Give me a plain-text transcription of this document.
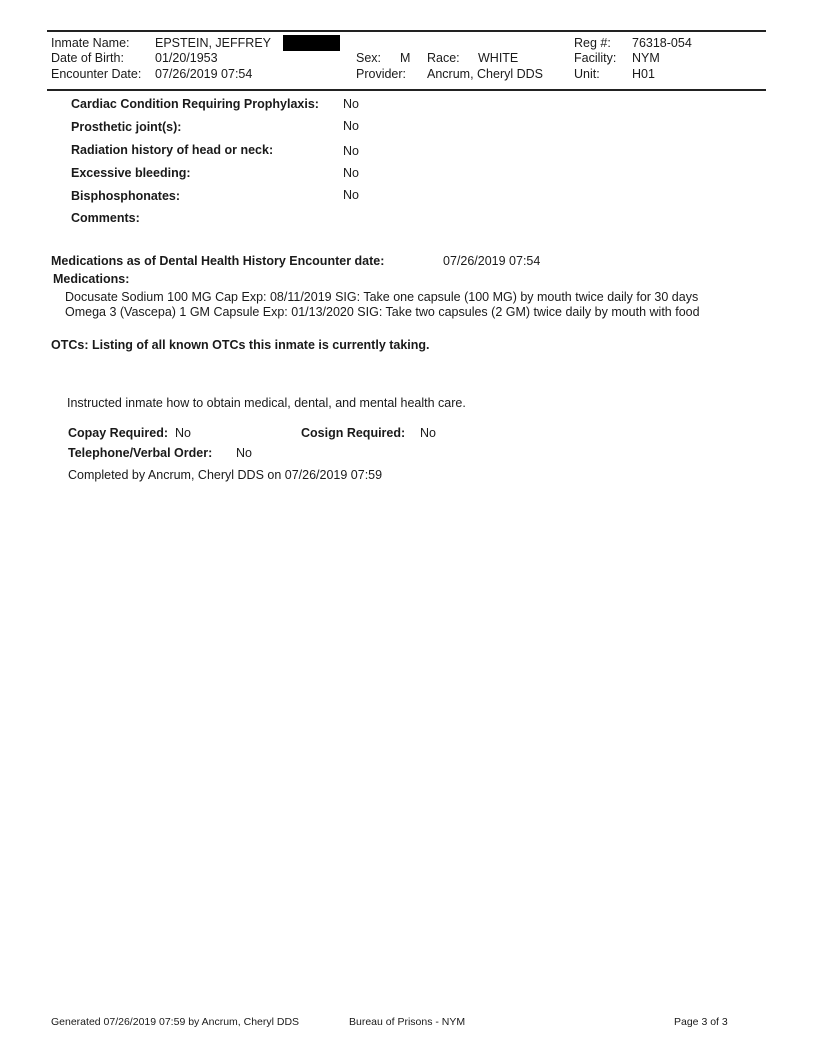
Inmate Name: EPSTEIN, JEFFREY
Date of Birth: 01/20/1953
Encounter Date: 07/26/2019 07:54
Sex: M Race: WHITE
Provider: Ancrum, Cheryl DDS
Reg #: 76318-054
Facility: NYM
Unit:	H01
Cardiac Condition Requiring Prophylaxis: No
Prosthetic joint(s):	No
Radiation history of head or neck:	No
Excessive bleeding:	No
Bisphosphonates:	No
Comments:
Medications as of Dental Health History Encounter date:	07/26/2019 07:54
Medications:
Docusate Sodium 100 MG Cap Exp: 08/11/2019 SIG: Take one capsule (100 MG) by mouth twice daily for 30 days
Omega 3 (Vascepa) 1 GM Capsule Exp: 01/13/2020 SIG: Take two capsules (2 GM) twice daily by mouth with food
OTCs: Listing of all known OTCs this inmate is currently taking.
Instructed inmate how to obtain medical, dental, and mental health care.
Copay Required: No	Cosign Required: No
Telephone/Verbal Order: No
Completed by Ancrum, Cheryl DDS on 07/26/2019 07:59
Generated 07/26/2019 07:59 by Ancrum, Cheryl DDS	Bureau of Prisons - NYM	Page 3 of 3
